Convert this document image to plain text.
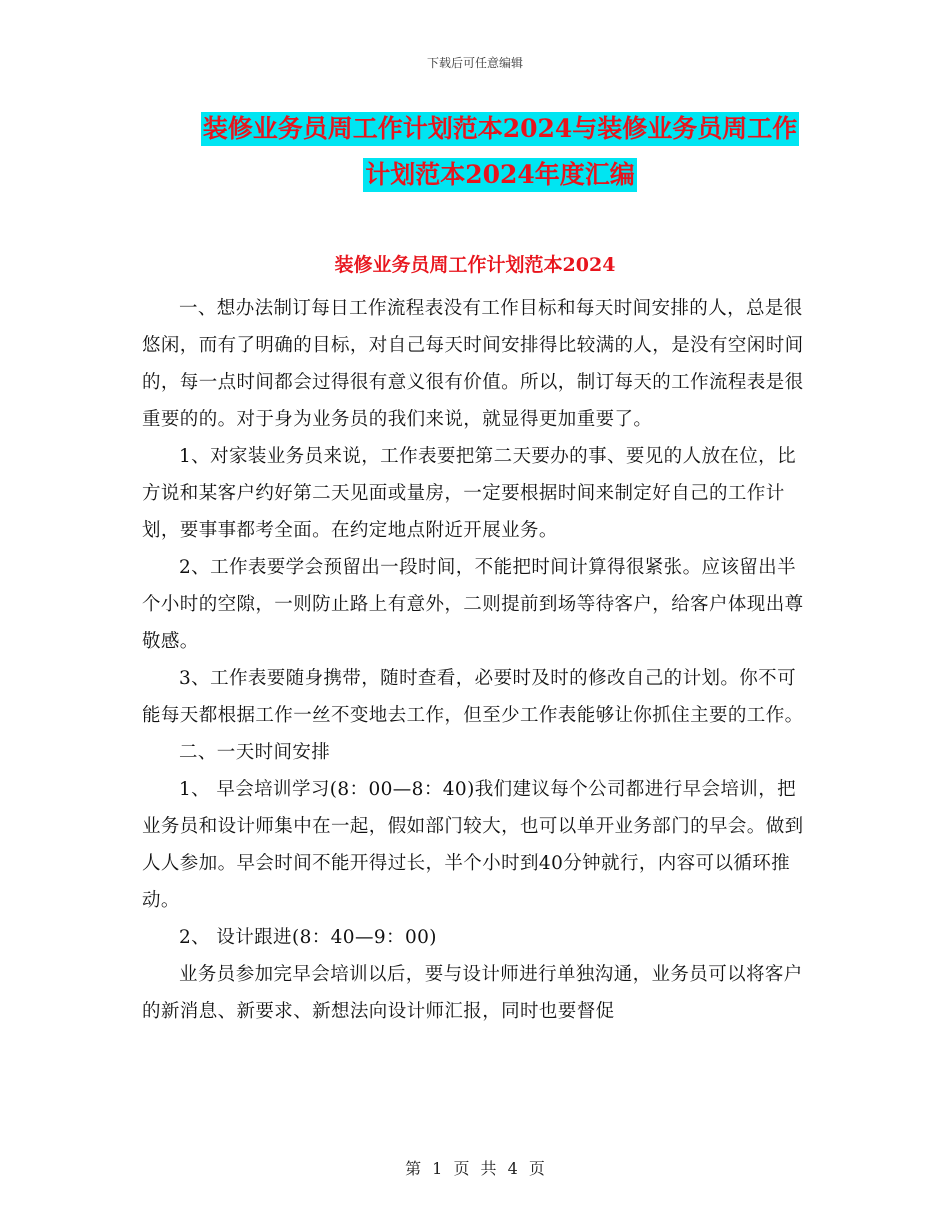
下载后可任意编辑
装修业务员周工作计划范本2024与装修业务员周工作
计划范本2024年度汇编
装修业务员周工作计划范本2024

一、想办法制订每日工作流程表没有工作目标和每天时间安排的人，总是很悠闲，而有了明确的目标，对自己每天时间安排得比较满的人，是没有空闲时间的，每一点时间都会过得很有意义很有价值。所以，制订每天的工作流程表是很重要的的。对于身为业务员的我们来说，就显得更加重要了。

1、对家装业务员来说，工作表要把第二天要办的事、要见的人放在位，比方说和某客户约好第二天见面或量房，一定要根据时间来制定好自己的工作计划，要事事都考全面。在约定地点附近开展业务。

2、工作表要学会预留出一段时间，不能把时间计算得很紧张。应该留出半个小时的空隙，一则防止路上有意外，二则提前到场等待客户，给客户体现出尊敬感。

3、工作表要随身携带，随时查看，必要时及时的修改自己的计划。你不可能每天都根据工作一丝不变地去工作，但至少工作表能够让你抓住主要的工作。

二、一天时间安排

1、 早会培训学习(8：00—8：40)我们建议每个公司都进行早会培训，把业务员和设计师集中在一起，假如部门较大，也可以单开业务部门的早会。做到人人参加。早会时间不能开得过长，半个小时到40分钟就行，内容可以循环推动。

2、 设计跟进(8：40—9：00)

业务员参加完早会培训以后，要与设计师进行单独沟通，业务员可以将客户的新消息、新要求、新想法向设计师汇报，同时也要督促

第 1 页 共 4 页
